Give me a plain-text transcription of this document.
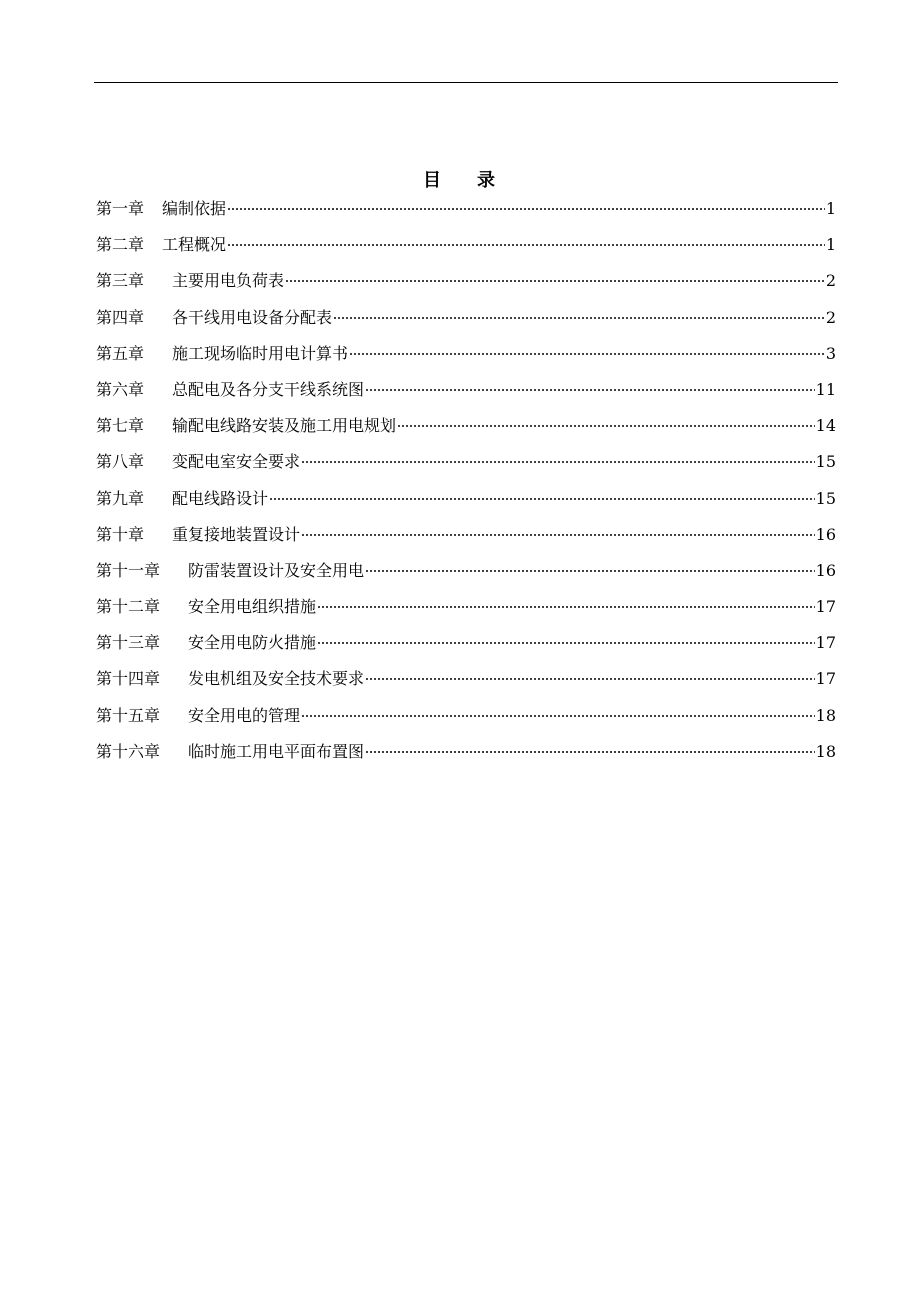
目 录
第一章 编制依据	1
第二章 工程概况	1
第三章 主要用电负荷表	2
第四章 各干线用电设备分配表	2
第五章 施工现场临时用电计算书	3
第六章 总配电及各分支干线系统图	11
第七章 输配电线路安装及施工用电规划	14
第八章 变配电室安全要求	15
第九章 配电线路设计	15
第十章 重复接地装置设计	16
第十一章 防雷装置设计及安全用电	16
第十二章 安全用电组织措施	17
第十三章 安全用电防火措施	17
第十四章 发电机组及安全技术要求	17
第十五章 安全用电的管理	18
第十六章 临时施工用电平面布置图	18
